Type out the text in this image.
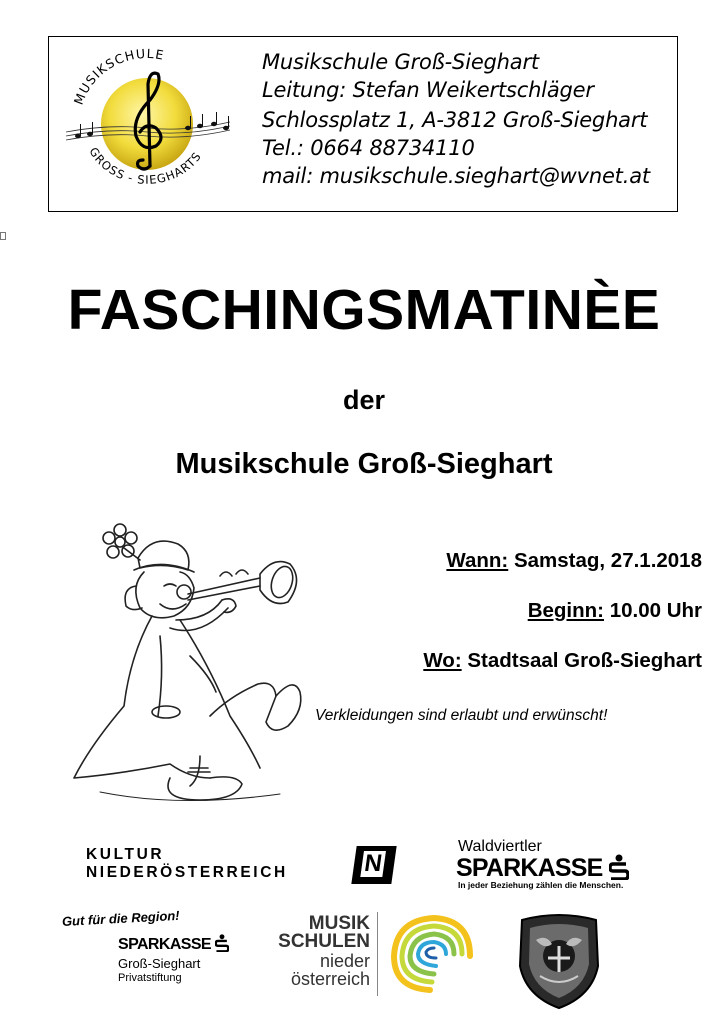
MUSIKSCHULE
GROSS - SIEGHARTS
Musikschule Groß-Sieghart
Leitung: Stefan Weikertschläger
Schlossplatz 1, A-3812 Groß-Sieghart
Tel.: 0664 88734110
mail: musikschule.sieghart@wvnet.at
FASCHINGSMATINÈE
der
Musikschule Groß-Sieghart
Wann: Samstag, 27.1.2018
Beginn: 10.00 Uhr
Wo: Stadtsaal Groß-Sieghart
Verkleidungen sind erlaubt und erwünscht!
KULTUR
NIEDERÖSTERREICH	N
Waldviertler
SPARKASSE
In jeder Beziehung zählen die Menschen.
Gut für die Region!
SPARKASSE
Groß-Sieghart
Privatstiftung
MUSIK
SCHULEN
nieder
österreich
